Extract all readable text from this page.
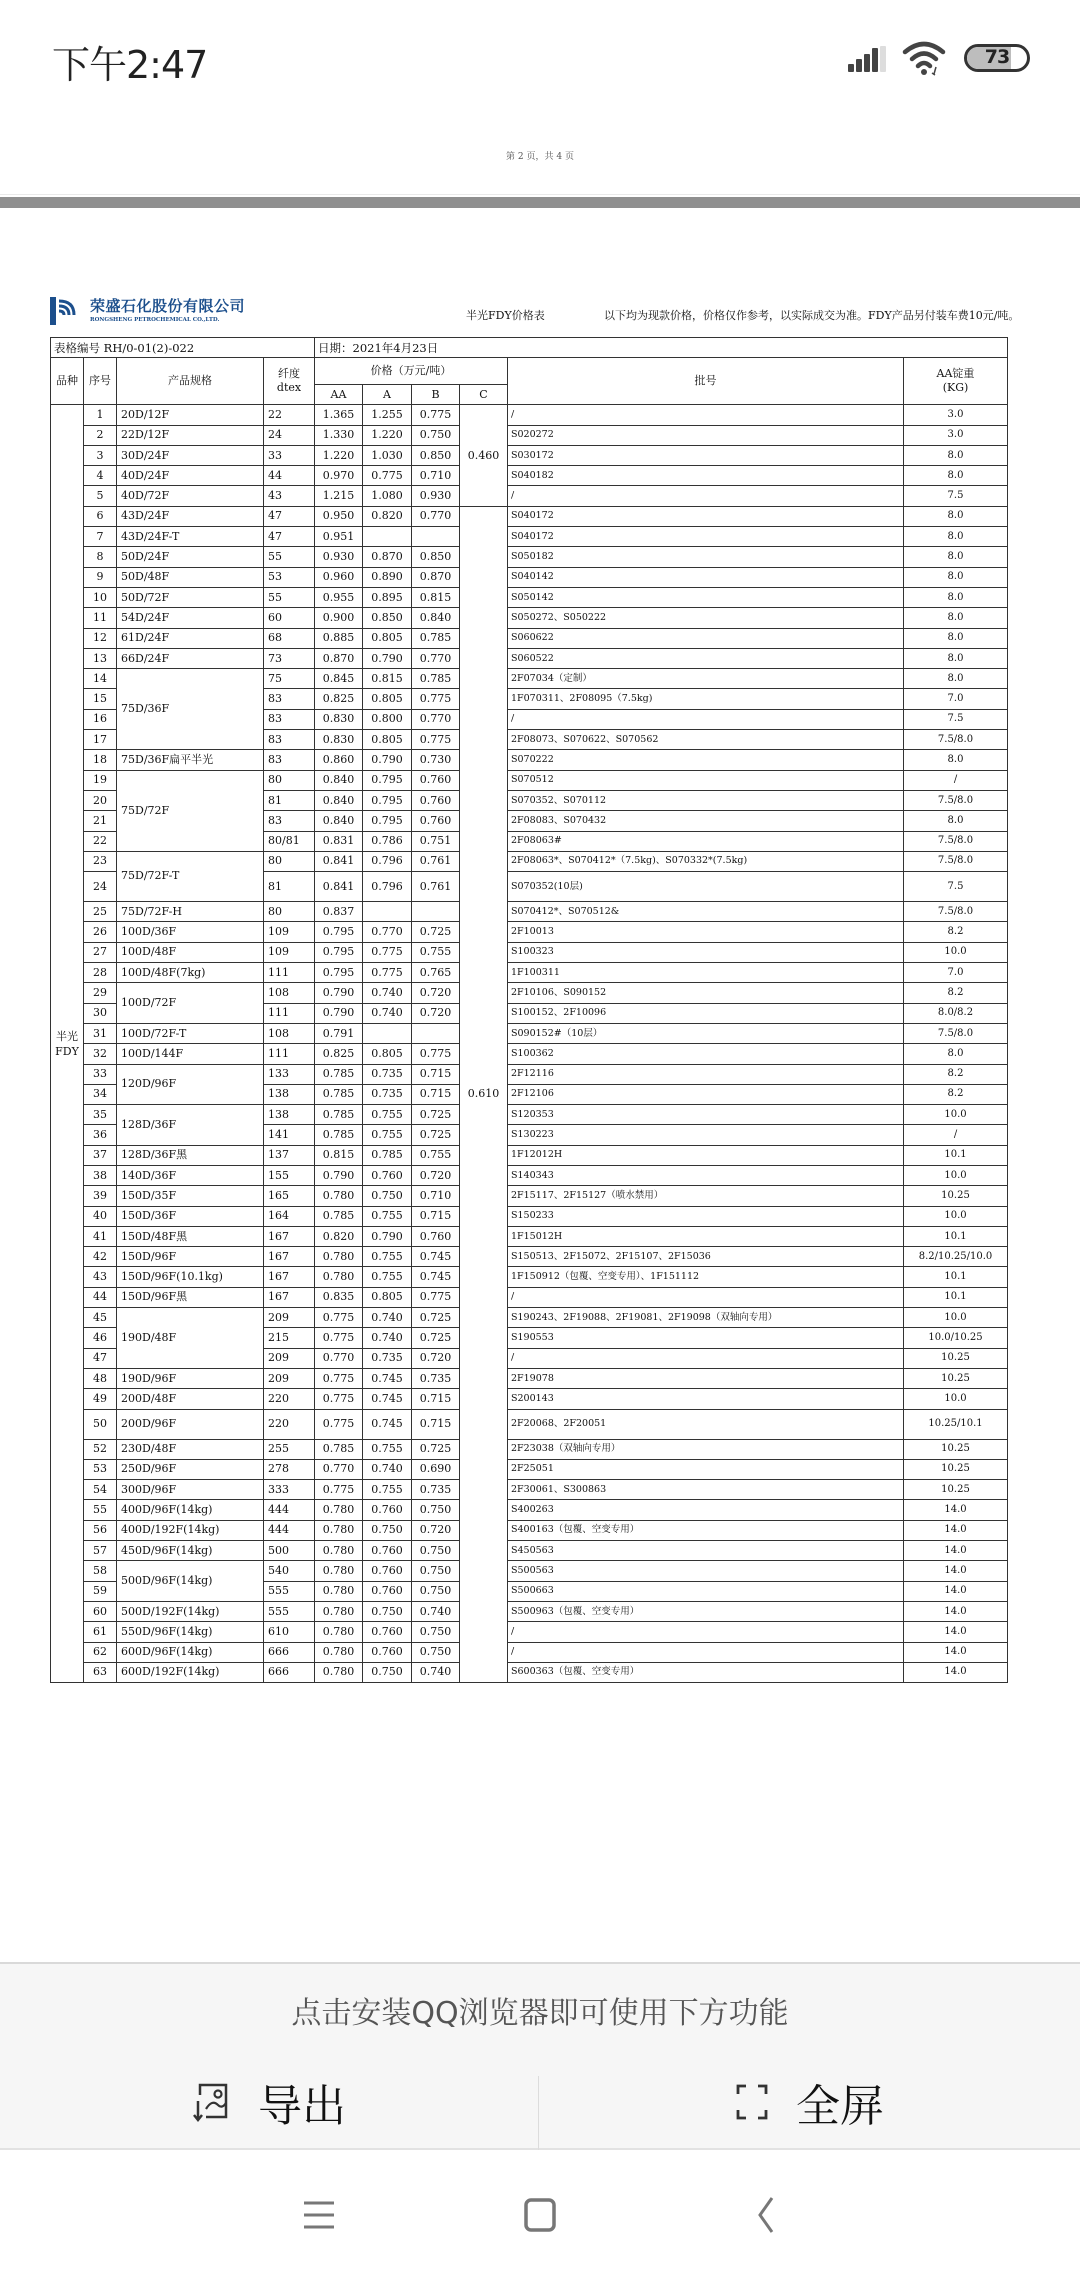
下午2:47	73
第 2 页，共 4 页
荣盛石化股份有限公司
RONGSHENG PETROCHEMICAL CO.,LTD.	半光FDY价格表	以下均为现款价格，价格仅作参考，以实际成交为准。FDY产品另付装车费10元/吨。
表格编号 RH/0-01(2)-022				日期：2021年4月23日					
品种	序号	产品规格	纤度
dtex	价格（万元/吨）				批号	AA锭重
(KG)
				AA	A	B	C		
半光
FDY	1	20D/12F	22	1.365	1.255	0.775	0.460	/	3.0
	2	22D/12F	24	1.330	1.220	0.750		S020272	3.0
	3	30D/24F	33	1.220	1.030	0.850		S030172	8.0
	4	40D/24F	44	0.970	0.775	0.710		S040182	8.0
	5	40D/72F	43	1.215	1.080	0.930		/	7.5
	6	43D/24F	47	0.950	0.820	0.770	0.610	S040172	8.0
	7	43D/24F-T	47	0.951				S040172	8.0
	8	50D/24F	55	0.930	0.870	0.850		S050182	8.0
	9	50D/48F	53	0.960	0.890	0.870		S040142	8.0
	10	50D/72F	55	0.955	0.895	0.815		S050142	8.0
	11	54D/24F	60	0.900	0.850	0.840		S050272、S050222	8.0
	12	61D/24F	68	0.885	0.805	0.785		S060622	8.0
	13	66D/24F	73	0.870	0.790	0.770		S060522	8.0
	14	75D/36F	75	0.845	0.815	0.785		2F07034（定制）	8.0
	15		83	0.825	0.805	0.775		1F070311、2F08095（7.5kg)	7.0
	16		83	0.830	0.800	0.770		/	7.5
	17		83	0.830	0.805	0.775		2F08073、S070622、S070562	7.5/8.0
	18	75D/36F扁平半光	83	0.860	0.790	0.730		S070222	8.0
	19	75D/72F	80	0.840	0.795	0.760		S070512	/
	20		81	0.840	0.795	0.760		S070352、S070112	7.5/8.0
	21		83	0.840	0.795	0.760		2F08083、S070432	8.0
	22		80/81	0.831	0.786	0.751		2F08063#	7.5/8.0
	23	75D/72F-T	80	0.841	0.796	0.761		2F08063*、S070412*（7.5kg)、S070332*(7.5kg)	7.5/8.0
	24		81	0.841	0.796	0.761		S070352(10层)	7.5
	25	75D/72F-H	80	0.837				S070412*、S070512&	7.5/8.0
	26	100D/36F	109	0.795	0.770	0.725		2F10013	8.2
	27	100D/48F	109	0.795	0.775	0.755		S100323	10.0
	28	100D/48F(7kg)	111	0.795	0.775	0.765		1F100311	7.0
	29	100D/72F	108	0.790	0.740	0.720		2F10106、S090152	8.2
	30		111	0.790	0.740	0.720		S100152、2F10096	8.0/8.2
	31	100D/72F-T	108	0.791				S090152#（10层）	7.5/8.0
	32	100D/144F	111	0.825	0.805	0.775		S100362	8.0
	33	120D/96F	133	0.785	0.735	0.715		2F12116	8.2
	34		138	0.785	0.735	0.715		2F12106	8.2
	35	128D/36F	138	0.785	0.755	0.725		S120353	10.0
	36		141	0.785	0.755	0.725		S130223	/
	37	128D/36F黑	137	0.815	0.785	0.755		1F12012H	10.1
	38	140D/36F	155	0.790	0.760	0.720		S140343	10.0
	39	150D/35F	165	0.780	0.750	0.710		2F15117、2F15127（喷水禁用）	10.25
	40	150D/36F	164	0.785	0.755	0.715		S150233	10.0
	41	150D/48F黑	167	0.820	0.790	0.760		1F15012H	10.1
	42	150D/96F	167	0.780	0.755	0.745		S150513、2F15072、2F15107、2F15036	8.2/10.25/10.0
	43	150D/96F(10.1kg)	167	0.780	0.755	0.745		1F150912（包覆、空变专用）、1F151112	10.1
	44	150D/96F黑	167	0.835	0.805	0.775		/	10.1
	45	190D/48F	209	0.775	0.740	0.725		S190243、2F19088、2F19081、2F19098（双轴向专用）	10.0
	46		215	0.775	0.740	0.725		S190553	10.0/10.25
	47		209	0.770	0.735	0.720		/	10.25
	48	190D/96F	209	0.775	0.745	0.735		2F19078	10.25
	49	200D/48F	220	0.775	0.745	0.715		S200143	10.0
	50	200D/96F	220	0.775	0.745	0.715		2F20068、2F20051	10.25/10.1
	52	230D/48F	255	0.785	0.755	0.725		2F23038（双轴向专用）	10.25
	53	250D/96F	278	0.770	0.740	0.690		2F25051	10.25
	54	300D/96F	333	0.775	0.755	0.735		2F30061、S300863	10.25
	55	400D/96F(14kg)	444	0.780	0.760	0.750		S400263	14.0
	56	400D/192F(14kg)	444	0.780	0.750	0.720		S400163（包覆、空变专用）	14.0
	57	450D/96F(14kg)	500	0.780	0.760	0.750		S450563	14.0
	58	500D/96F(14kg)	540	0.780	0.760	0.750		S500563	14.0
	59		555	0.780	0.760	0.750		S500663	14.0
	60	500D/192F(14kg)	555	0.780	0.750	0.740		S500963（包覆、空变专用）	14.0
	61	550D/96F(14kg)	610	0.780	0.760	0.750		/	14.0
	62	600D/96F(14kg)	666	0.780	0.760	0.750		/	14.0
	63	600D/192F(14kg)	666	0.780	0.750	0.740		S600363（包覆、空变专用）	14.0
点击安装QQ浏览器即可使用下方功能
导出	全屏
